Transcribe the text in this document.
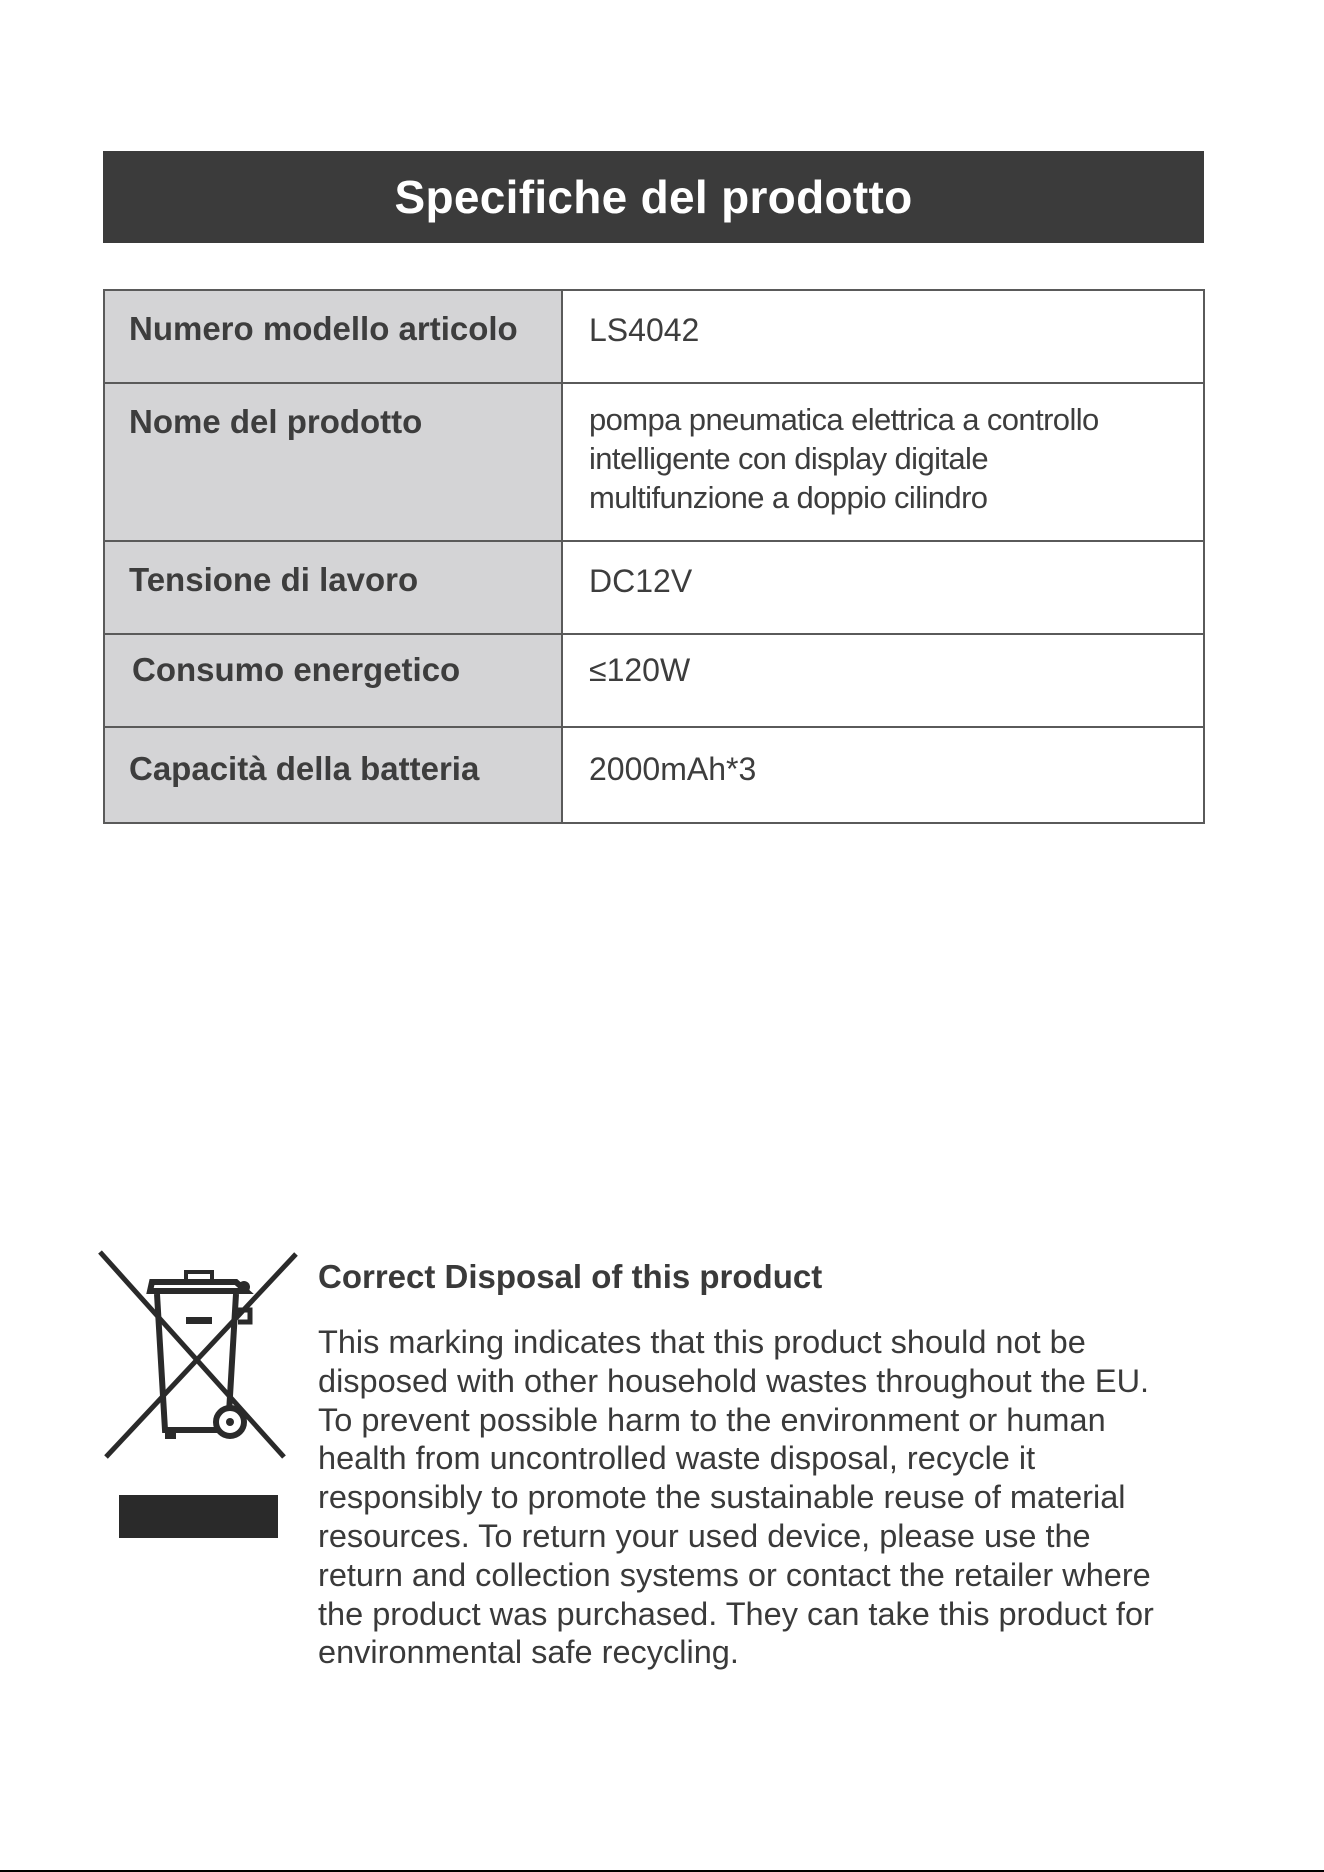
Specifiche del prodotto
Numero modello articolo	LS4042
Nome del prodotto	pompa pneumatica elettrica a controllo
intelligente con display digitale
multifunzione a doppio cilindro
Tensione di lavoro	DC12V
Consumo energetico	≤120W
Capacità della batteria	2000mAh*3
Correct Disposal of this product

This marking indicates that this product should not be
disposed with other household wastes throughout the EU.
To prevent possible harm to the environment or human
health from uncontrolled waste disposal, recycle it
responsibly to promote the sustainable reuse of material
resources. To return your used device, please use the
return and collection systems or contact the retailer where
the product was purchased. They can take this product for
environmental safe recycling.
